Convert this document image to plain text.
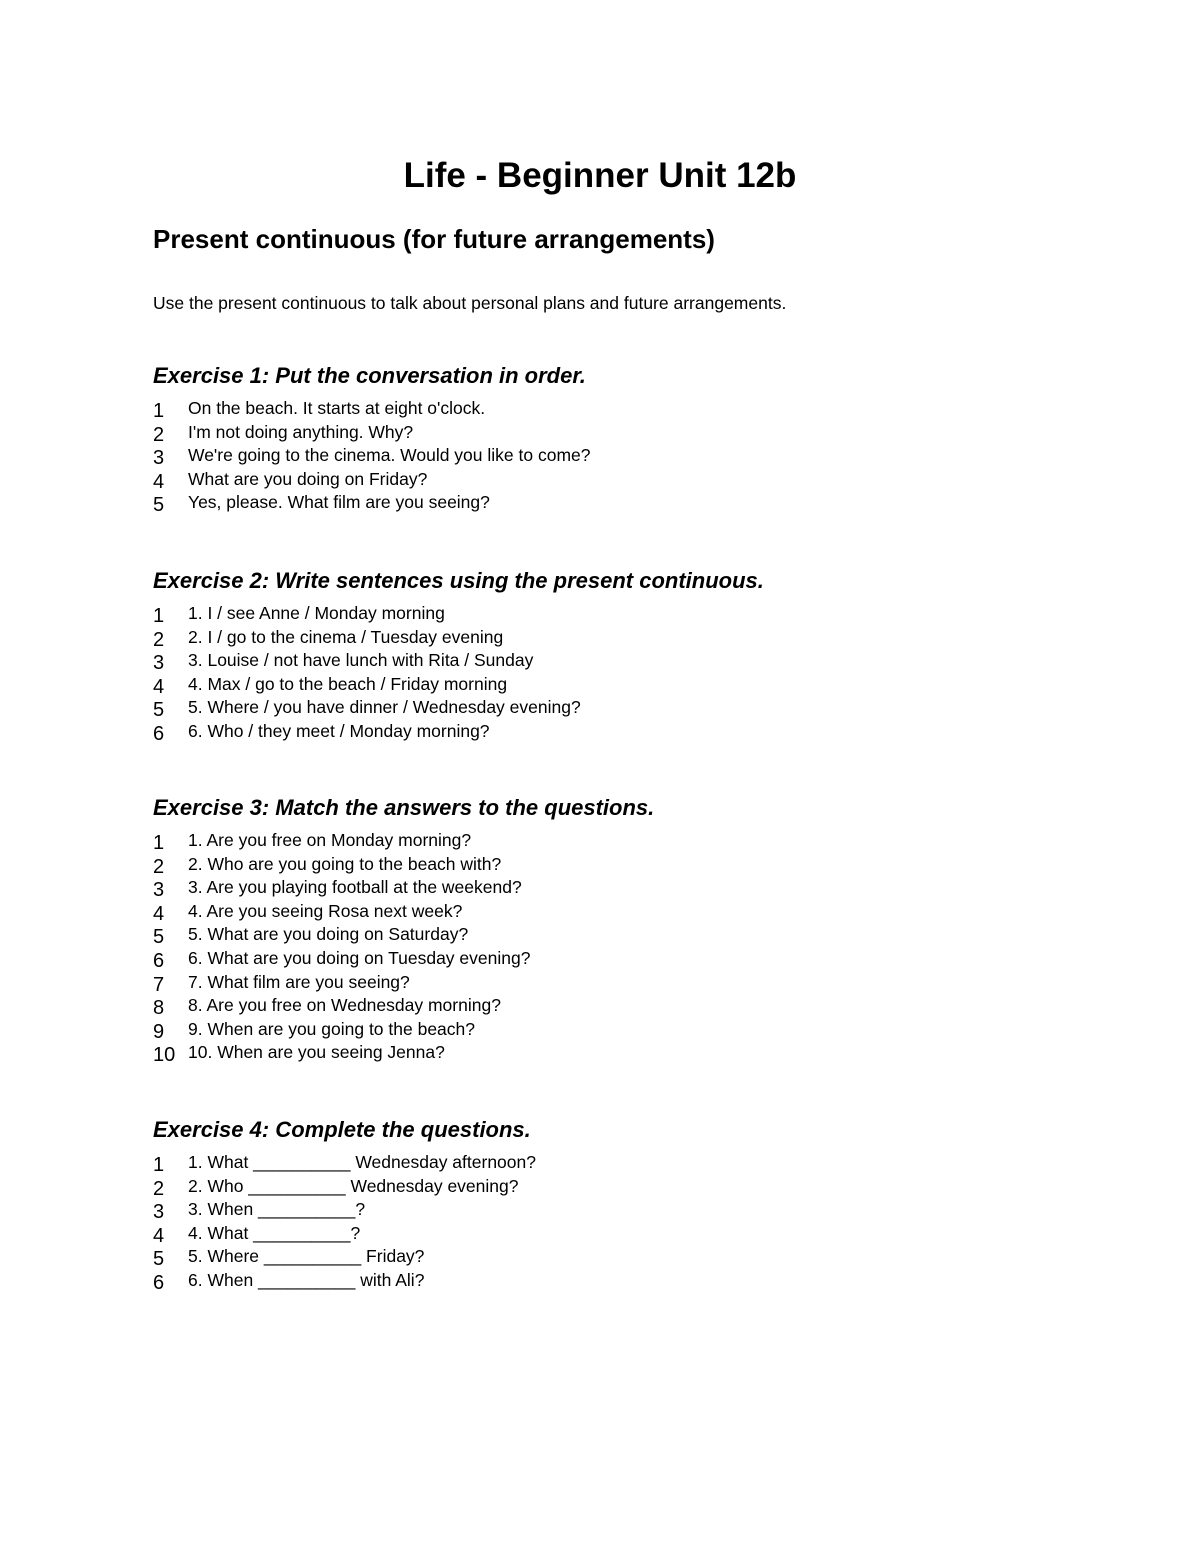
Life - Beginner Unit 12b
Present continuous (for future arrangements)

Use the present continuous to talk about personal plans and future arrangements.

Exercise 1: Put the conversation in order.
1 On the beach. It starts at eight o'clock.
2 I'm not doing anything. Why?
3 We're going to the cinema. Would you like to come?
4 What are you doing on Friday?
5 Yes, please. What film are you seeing?
Exercise 2: Write sentences using the present continuous.
1 1. I / see Anne / Monday morning
2 2. I / go to the cinema / Tuesday evening
3 3. Louise / not have lunch with Rita / Sunday
4 4. Max / go to the beach / Friday morning
5 5. Where / you have dinner / Wednesday evening?
6 6. Who / they meet / Monday morning?
Exercise 3: Match the answers to the questions.
1 1. Are you free on Monday morning?
2 2. Who are you going to the beach with?
3 3. Are you playing football at the weekend?
4 4. Are you seeing Rosa next week?
5 5. What are you doing on Saturday?
6 6. What are you doing on Tuesday evening?
7 7. What film are you seeing?
8 8. Are you free on Wednesday morning?
9 9. When are you going to the beach?
10 10. When are you seeing Jenna?
Exercise 4: Complete the questions.
1 1. What __________ Wednesday afternoon?
2 2. Who __________ Wednesday evening?
3 3. When __________?
4 4. What __________?
5 5. Where __________ Friday?
6 6. When __________ with Ali?
